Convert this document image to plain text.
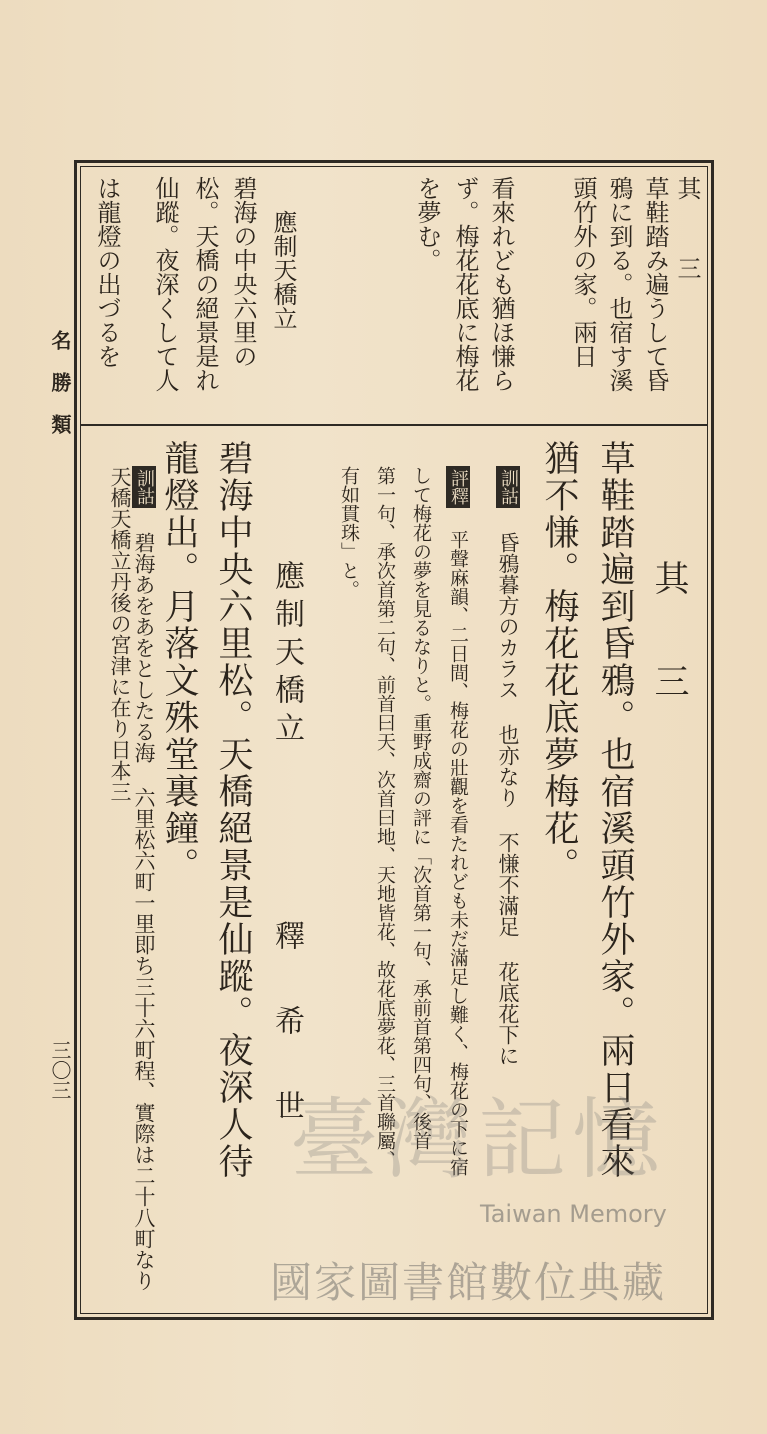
名勝類
三〇三
其 三
草鞋踏み遍うして昏
鴉に到る。也宿す溪
頭竹外の家。兩日
看來れども猶ほ慊ら
ず。梅花花底に梅花
を夢む。
應制天橋立
碧海の中央六里の
松。天橋の絕景是れ
仙蹤。夜深くして人
は龍燈の出づるを
其 三
草鞋踏遍到昏鴉。也宿溪頭竹外家。兩日看來
猶不慊。梅花花底夢梅花。
訓詁 昏鴉暮方のカラス 也亦なり 不慊不滿足 花底花下に
評釋 平聲麻韻、二日間、梅花の壯觀を看たれども未だ滿足し難く、梅花の下に宿
して梅花の夢を見るなりと。重野成齋の評に「次首第一句、承前首第四句、後首
第一句、承次首第二句、前首曰天、次首曰地、天地皆花、故花底夢花、三首聯屬、
有如貫珠」と。
應制天橋立
釋 希 世
碧海中央六里松。天橋絕景是仙蹤。夜深人待
龍燈出。月落文殊堂裏鐘。
訓詁 碧海あをあをとしたる海 六里松六町一里即ち三十六町程、實際は二十八町なり 天橋天橋立丹後の宮津に在り日本三
臺灣記憶
Taiwan Memory
國家圖書館數位典藏
